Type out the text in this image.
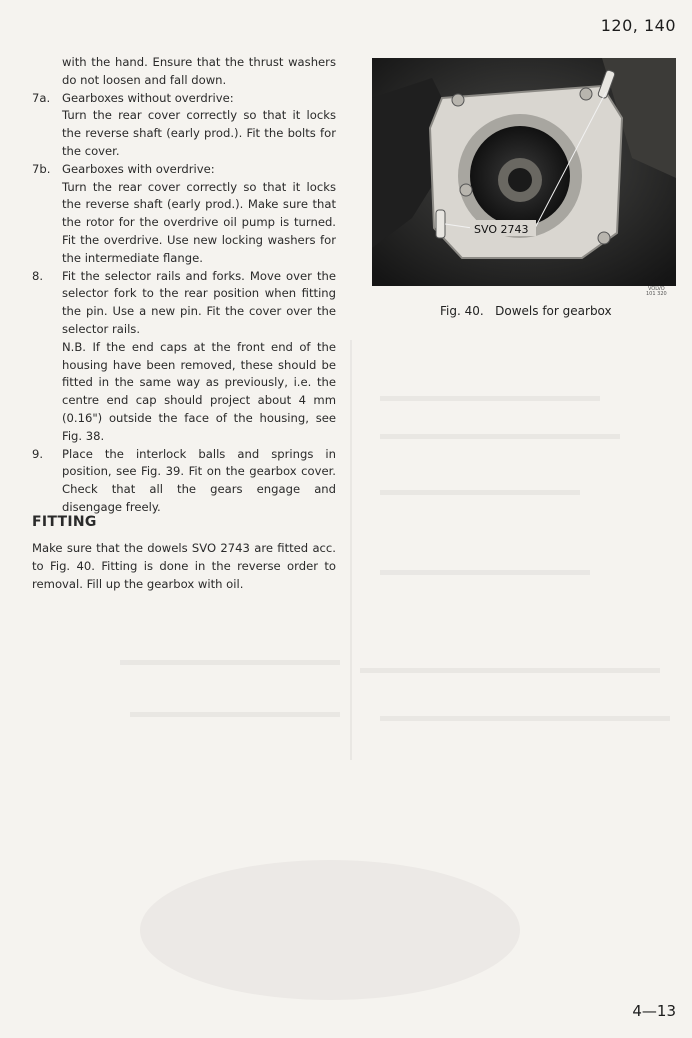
120, 140

with the hand. Ensure that the thrust washers do not loosen and fall down.

7a.	Gearboxes without overdrive:

Turn the rear cover correctly so that it locks the reverse shaft (early prod.). Fit the bolts for the cover.

7b. Gearboxes with overdrive:

Turn the rear cover correctly so that it locks the reverse shaft (early prod.). Make sure that the rotor for the overdrive oil pump is turned. Fit the overdrive. Use new locking washers for the intermediate flange.

8.	Fit the selector rails and forks. Move over the selector fork to the rear position when fitting the pin. Use a new pin. Fit the cover over the selector rails.

N.B. If the end caps at the front end of the housing have been removed, these should be fitted in the same way as previously, i.e. the centre end cap should project about 4 mm (0.16") outside the face of the housing, see Fig. 38.

9.	Place the interlock balls and springs in position, see Fig. 39. Fit on the gearbox cover. Check that all the gears engage and disengage freely.
FITTING

Make sure that the dowels SVO 2743 are fitted acc. to Fig. 40. Fitting is done in the reverse order to removal. Fill up the gearbox with oil.

SVO 2743
VOLVO
101 320
Fig. 40. Dowels for gearbox
4—13
